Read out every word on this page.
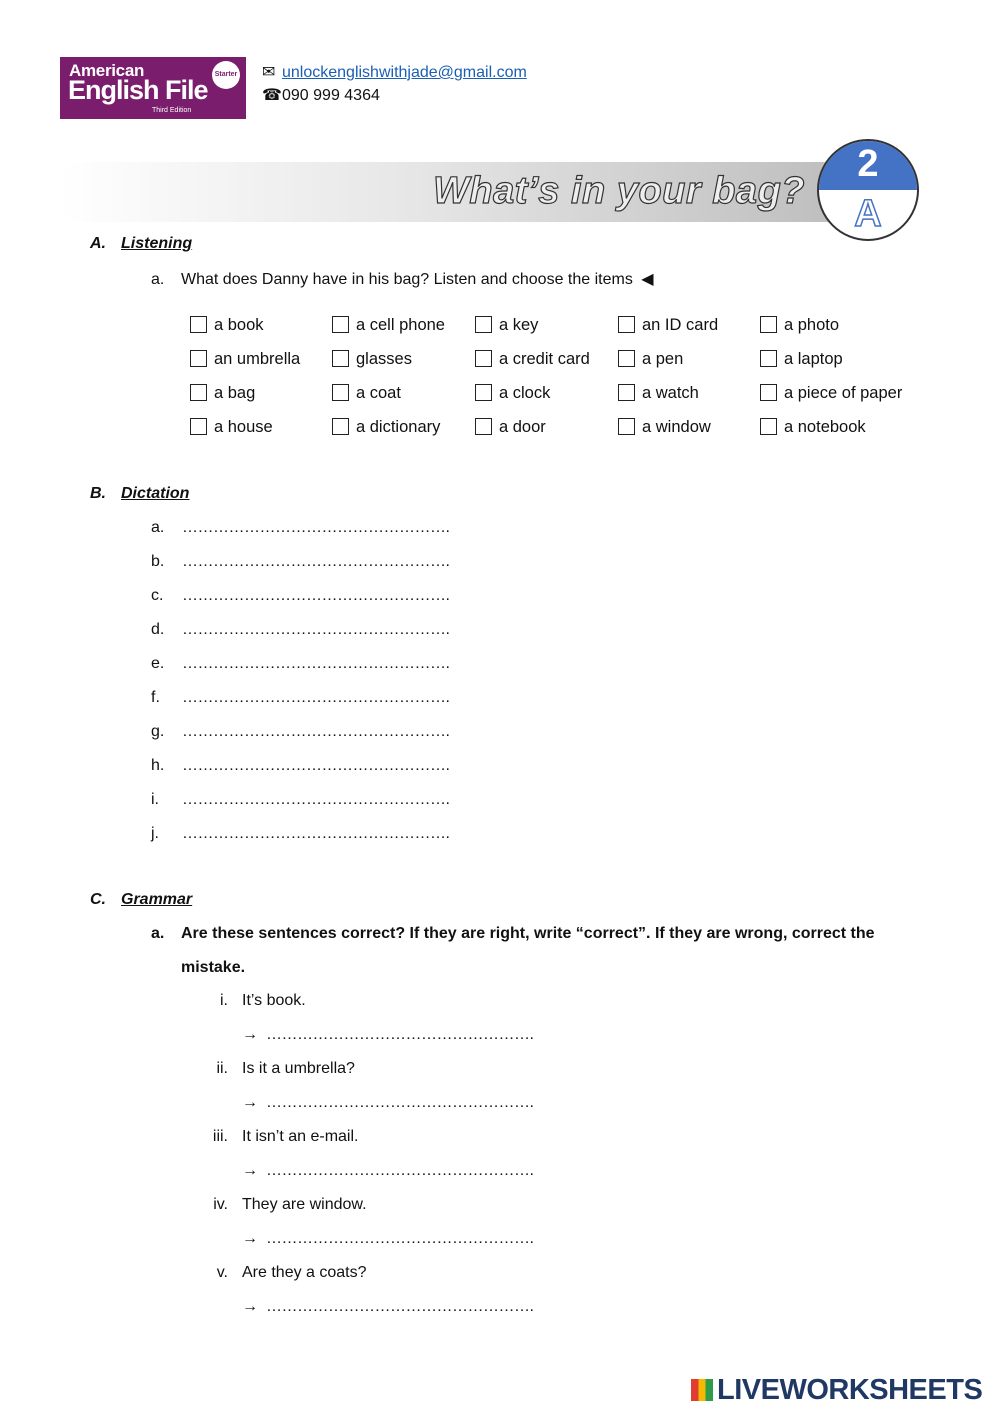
American
English File
Third Edition
Starter ✉ unlockenglishwithjade@gmail.com
☎090 999 4364
What’s in your bag?
2
A
A. Listening
a. What does Danny have in his bag? Listen and choose the items ◀
a book	a cell phone	a key	an ID card	a photo
an umbrella	glasses	a credit card	a pen	a laptop
a bag	a coat	a clock	a watch	a piece of paper
a house	a dictionary	a door	a window	a notebook
B. Dictation
a. …………………………………………….
b. …………………………………………….
c. …………………………………………….
d. …………………………………………….
e. …………………………………………….
f. …………………………………………….
g. …………………………………………….
h. …………………………………………….
i. …………………………………………….
j. …………………………………………….
C. Grammar
a. Are these sentences correct? If they are right, write “correct”. If they are wrong, correct the
mistake.
i. It’s book.
→ …………………………………………….
ii. Is it a umbrella?
→ …………………………………………….
iii. It isn’t an e-mail.
→ …………………………………………….
iv. They are window.
→ …………………………………………….
v. Are they a coats?
→ …………………………………………….
LIVEWORKSHEETS
